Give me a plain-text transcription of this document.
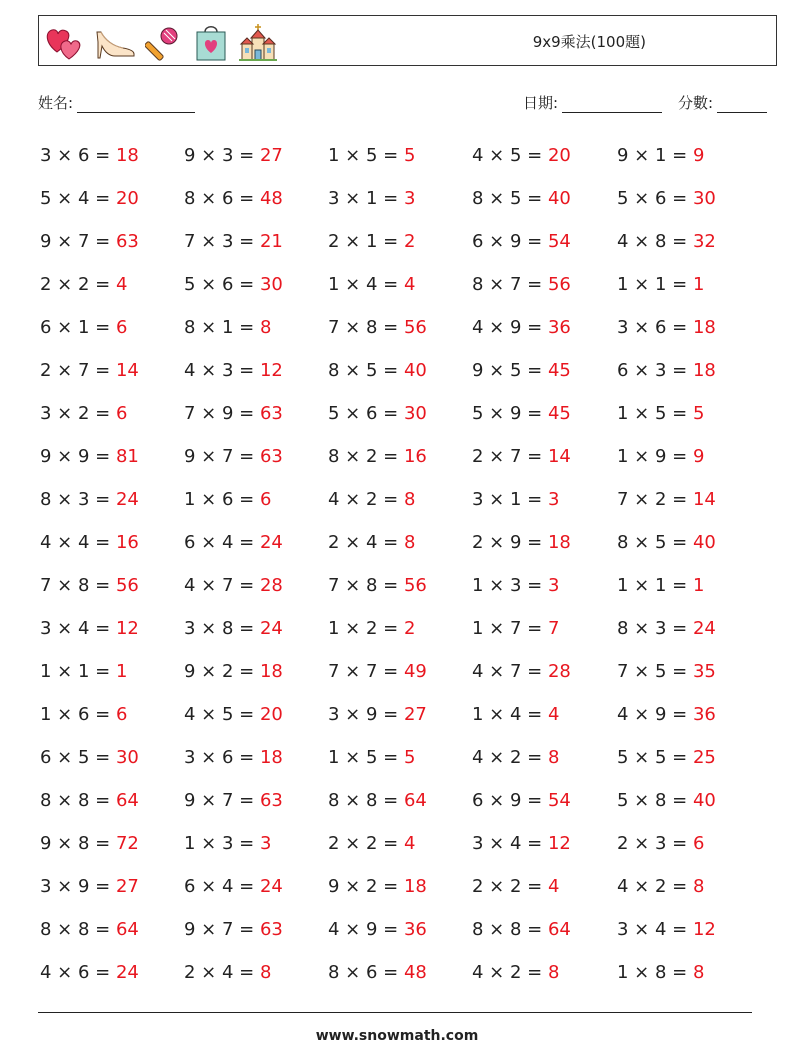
9x9乘法(100題)
姓名:	日期:	分數:
3 × 6 = 18	9 × 3 = 27	1 × 5 = 5	4 × 5 = 20	9 × 1 = 9
5 × 4 = 20	8 × 6 = 48	3 × 1 = 3	8 × 5 = 40	5 × 6 = 30
9 × 7 = 63	7 × 3 = 21	2 × 1 = 2	6 × 9 = 54	4 × 8 = 32
2 × 2 = 4	5 × 6 = 30	1 × 4 = 4	8 × 7 = 56	1 × 1 = 1
6 × 1 = 6	8 × 1 = 8	7 × 8 = 56	4 × 9 = 36	3 × 6 = 18
2 × 7 = 14	4 × 3 = 12	8 × 5 = 40	9 × 5 = 45	6 × 3 = 18
3 × 2 = 6	7 × 9 = 63	5 × 6 = 30	5 × 9 = 45	1 × 5 = 5
9 × 9 = 81	9 × 7 = 63	8 × 2 = 16	2 × 7 = 14	1 × 9 = 9
8 × 3 = 24	1 × 6 = 6	4 × 2 = 8	3 × 1 = 3	7 × 2 = 14
4 × 4 = 16	6 × 4 = 24	2 × 4 = 8	2 × 9 = 18	8 × 5 = 40
7 × 8 = 56	4 × 7 = 28	7 × 8 = 56	1 × 3 = 3	1 × 1 = 1
3 × 4 = 12	3 × 8 = 24	1 × 2 = 2	1 × 7 = 7	8 × 3 = 24
1 × 1 = 1	9 × 2 = 18	7 × 7 = 49	4 × 7 = 28	7 × 5 = 35
1 × 6 = 6	4 × 5 = 20	3 × 9 = 27	1 × 4 = 4	4 × 9 = 36
6 × 5 = 30	3 × 6 = 18	1 × 5 = 5	4 × 2 = 8	5 × 5 = 25
8 × 8 = 64	9 × 7 = 63	8 × 8 = 64	6 × 9 = 54	5 × 8 = 40
9 × 8 = 72	1 × 3 = 3	2 × 2 = 4	3 × 4 = 12	2 × 3 = 6
3 × 9 = 27	6 × 4 = 24	9 × 2 = 18	2 × 2 = 4	4 × 2 = 8
8 × 8 = 64	9 × 7 = 63	4 × 9 = 36	8 × 8 = 64	3 × 4 = 12
4 × 6 = 24	2 × 4 = 8	8 × 6 = 48	4 × 2 = 8	1 × 8 = 8
www.snowmath.com
